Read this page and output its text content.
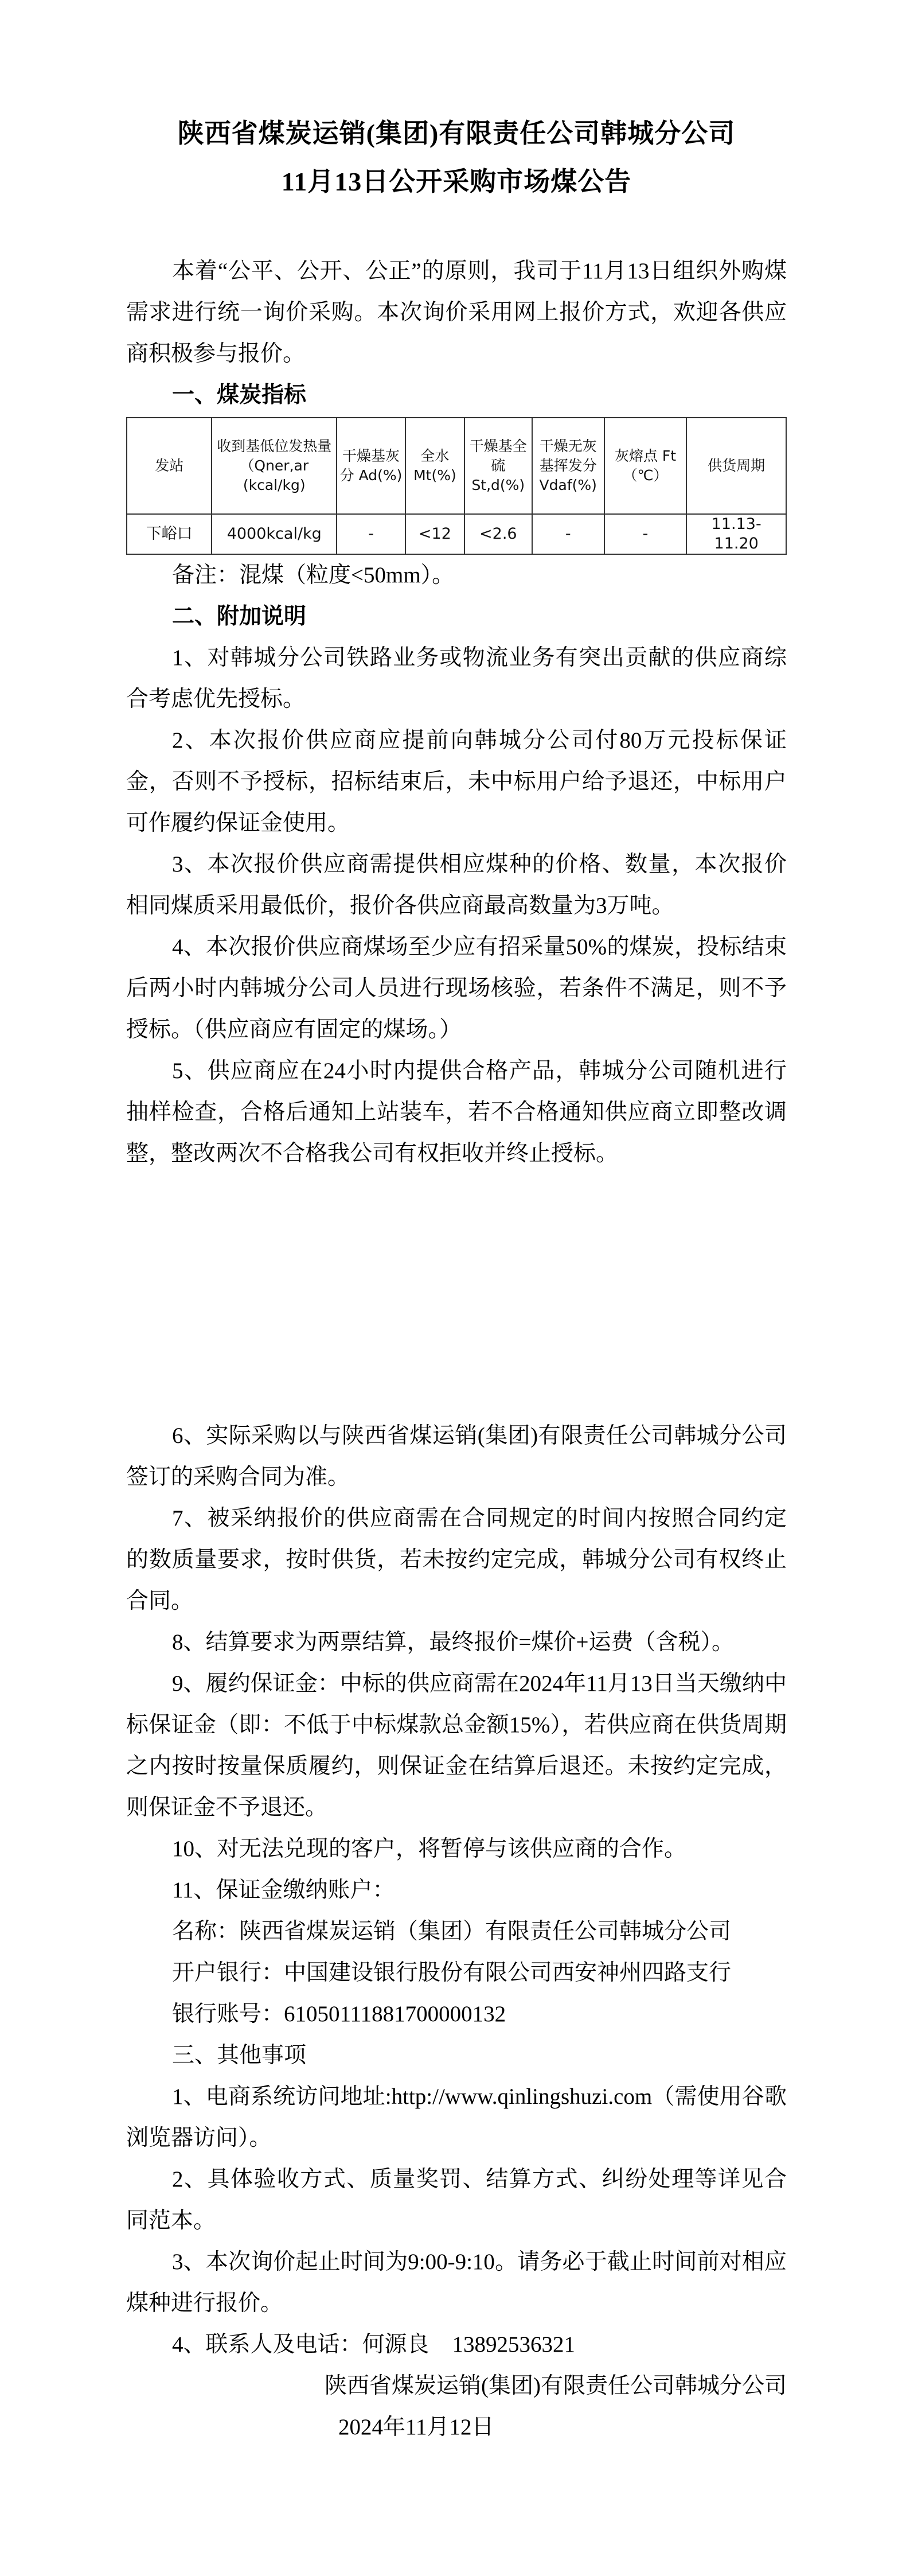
陕西省煤炭运销(集团)有限责任公司韩城分公司
11月13日公开采购市场煤公告

本着“公平、公开、公正”的原则，我司于11月13日组织外购煤需求进行统一询价采购。本次询价采用网上报价方式，欢迎各供应商积极参与报价。

一、煤炭指标

发站	收到基低位发热量（Qner,ar (kcal/kg)	干燥基灰分 Ad(%)	全水 Mt(%)	干燥基全硫 St,d(%)	干燥无灰基挥发分 Vdaf(%)	灰熔点 Ft（℃）	供货周期
下峪口	4000kcal/kg	-	<12	<2.6	-	-	11.13-11.20

备注：混煤（粒度<50mm）。

二、附加说明

1、对韩城分公司铁路业务或物流业务有突出贡献的供应商综合考虑优先授标。

2、本次报价供应商应提前向韩城分公司付80万元投标保证金，否则不予授标，招标结束后，未中标用户给予退还，中标用户可作履约保证金使用。

3、本次报价供应商需提供相应煤种的价格、数量，本次报价相同煤质采用最低价，报价各供应商最高数量为3万吨。

4、本次报价供应商煤场至少应有招采量50%的煤炭，投标结束后两小时内韩城分公司人员进行现场核验，若条件不满足，则不予授标。（供应商应有固定的煤场。）

5、供应商应在24小时内提供合格产品，韩城分公司随机进行抽样检查，合格后通知上站装车，若不合格通知供应商立即整改调整，整改两次不合格我公司有权拒收并终止授标。

6、实际采购以与陕西省煤运销(集团)有限责任公司韩城分公司签订的采购合同为准。

7、被采纳报价的供应商需在合同规定的时间内按照合同约定的数质量要求，按时供货，若未按约定完成，韩城分公司有权终止合同。

8、结算要求为两票结算，最终报价=煤价+运费（含税）。

9、履约保证金：中标的供应商需在2024年11月13日当天缴纳中标保证金（即：不低于中标煤款总金额15%），若供应商在供货周期之内按时按量保质履约，则保证金在结算后退还。未按约定完成，则保证金不予退还。

10、对无法兑现的客户，将暂停与该供应商的合作。

11、保证金缴纳账户：

名称：陕西省煤炭运销（集团）有限责任公司韩城分公司

开户银行：中国建设银行股份有限公司西安神州四路支行

银行账号：61050111881700000132

三、其他事项

1、电商系统访问地址:http://www.qinlingshuzi.com（需使用谷歌浏览器访问）。

2、具体验收方式、质量奖罚、结算方式、纠纷处理等详见合同范本。

3、本次询价起止时间为9:00-9:10。请务必于截止时间前对相应煤种进行报价。

4、联系人及电话：何源良 13892536321

陕西省煤炭运销(集团)有限责任公司韩城分公司

2024年11月12日
